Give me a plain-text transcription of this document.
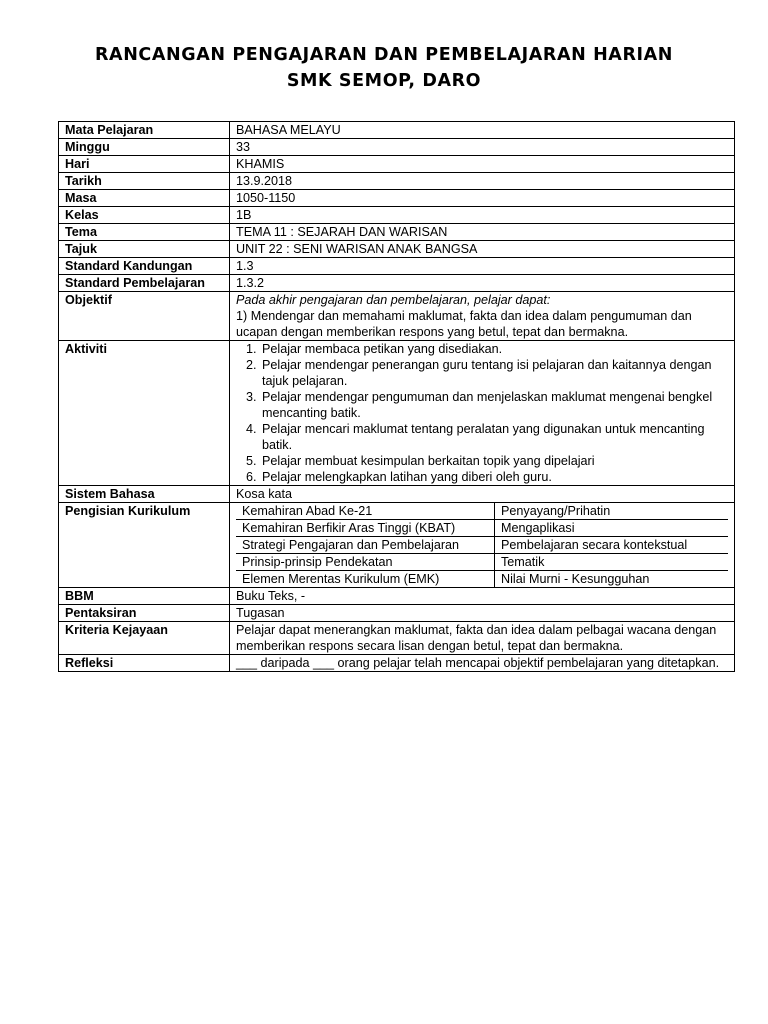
RANCANGAN PENGAJARAN DAN PEMBELAJARAN HARIAN
SMK SEMOP, DARO
Mata Pelajaran	BAHASA MELAYU
Minggu	33
Hari	KHAMIS
Tarikh	13.9.2018
Masa	1050-1150
Kelas	1B
Tema	TEMA 11 : SEJARAH DAN WARISAN
Tajuk	UNIT 22 : SENI WARISAN ANAK BANGSA
Standard Kandungan	1.3
Standard Pembelajaran	1.3.2
Objektif	Pada akhir pengajaran dan pembelajaran, pelajar dapat:
1) Mendengar dan memahami maklumat, fakta dan idea dalam pengumuman dan ucapan dengan memberikan respons yang betul, tepat dan bermakna.

Aktiviti	
1.Pelajar membaca petikan yang disediakan.
2. Pelajar mendengar penerangan guru tentang isi pelajaran dan kaitannya dengan tajuk pelajaran.
3. Pelajar mendengar pengumuman dan menjelaskan maklumat mengenai bengkel mencanting batik.
4. Pelajar mencari maklumat tentang peralatan yang digunakan untuk mencanting batik.
5. Pelajar membuat kesimpulan berkaitan topik yang dipelajari
6. Pelajar melengkapkan latihan yang diberi oleh guru.

Sistem Bahasa	Kosa kata
Pengisian Kurikulum		Kemahiran Abad Ke-21	Penyayang/Prihatin
Kemahiran Berfikir Aras Tinggi (KBAT)	Mengaplikasi
Strategi Pengajaran dan Pembelajaran	Pembelajaran secara kontekstual
Prinsip-prinsip Pendekatan	Tematik
Elemen Merentas Kurikulum (EMK)	Nilai Murni - Kesungguhan

BBM	Buku Teks, -
Pentaksiran	Tugasan
Kriteria Kejayaan	Pelajar dapat menerangkan maklumat, fakta dan idea dalam pelbagai wacana dengan memberikan respons secara lisan dengan betul, tepat dan bermakna.
Refleksi	___ daripada ___ orang pelajar telah mencapai objektif pembelajaran yang ditetapkan.
